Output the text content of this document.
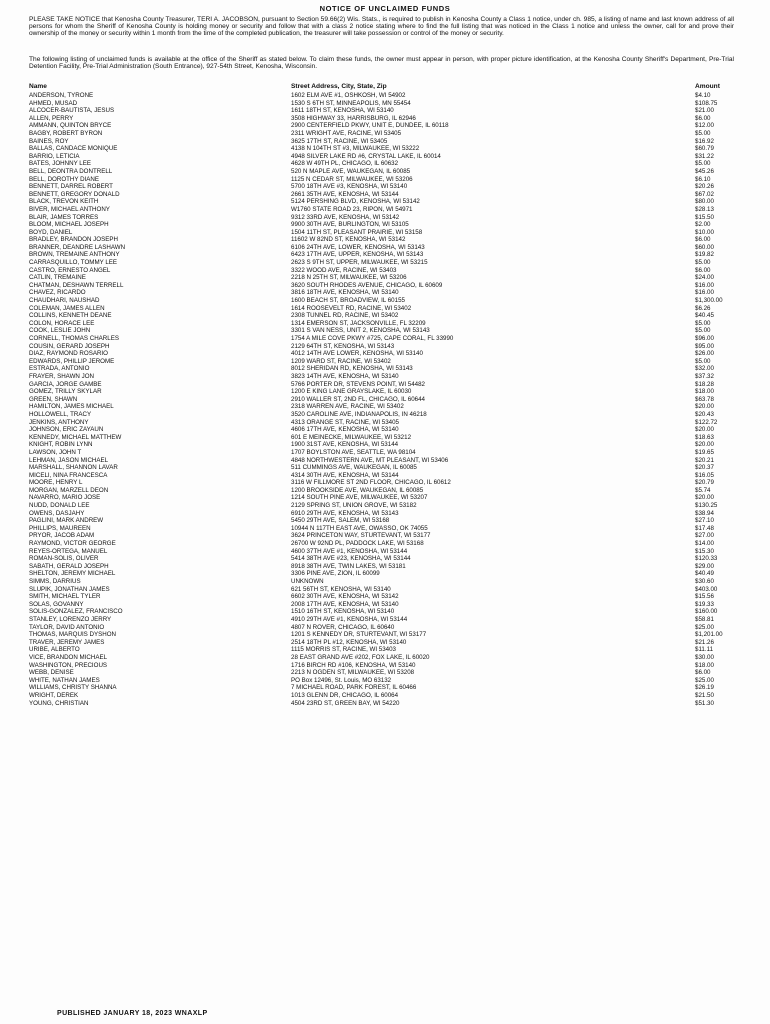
NOTICE OF UNCLAIMED FUNDS

PLEASE TAKE NOTICE that Kenosha County Treasurer, TERI A. JACOBSON, pursuant to Section 59.66(2) Wis. Stats., is required to publish in Kenosha County a Class 1 notice, under ch. 985, a listing of name and last known address of all persons for whom the Sheriff of Kenosha County is holding money or security and follow that with a class 2 notice stating where to find the full listing that was noticed in the Class 1 notice and unless the owner, call for and prove their ownership of the money or security within 1 month from the time of the completed publication, the treasurer will take possession or control of the money or security.

The following listing of unclaimed funds is available at the office of the Sheriff as stated below. To claim these funds, the owner must appear in person, with proper picture identification, at the Kenosha County Sheriff's Department, Pre-Trial Detention Facility, Pre-Trial Administration (South Entrance), 927-54th Street, Kenosha, Wisconsin.

Name	Street Address, City, State, Zip	Amount
ANDERSON, TYRONE	1602 ELM AVE #1, OSHKOSH, WI 54902	$4.10
AHMED, MUSAD	1530 S 6TH ST, MINNEAPOLIS, MN 55454	$108.75
ALCOCER-BAUTISTA, JESUS	1611 18TH ST, KENOSHA, WI 53140	$21.00
ALLEN, PERRY	3508 HIGHWAY 33, HARRISBURG, IL 62946	$6.00
AMMANN, QUINTON BRYCE	2900 CENTERFIELD PKWY, UNIT E, DUNDEE, IL 60118	$12.00
BAGBY, ROBERT BYRON	2311 WRIGHT AVE, RACINE, WI 53405	$5.00
BAINES, ROY	3625 17TH ST, RACINE, WI 53405	$16.92
BALLAS, CANDACE MONIQUE	4138 N 104TH ST #3, MILWAUKEE, WI 53222	$60.79
BARRIO, LETICIA	4948 SILVER LAKE RD #6, CRYSTAL LAKE, IL 60014	$31.22
BATES, JOHNNY LEE	4628 W 49TH PL, CHICAGO, IL 60632	$5.00
BELL, DEONTRA DONTRELL	520 N MAPLE AVE, WAUKEGAN, IL 60085	$45.26
BELL, DOROTHY DIANE	1125 N CEDAR ST, MILWAUKEE, WI 53206	$6.10
BENNETT, DARREL ROBERT	5700 18TH AVE #3, KENOSHA, WI 53140	$20.26
BENNETT, GREGORY DONALD	2661 35TH AVE, KENOSHA, WI 53144	$67.02
BLACK, TREVON KEITH	5124 PERSHING BLVD, KENOSHA, WI 53142	$80.00
BIVER, MICHAEL ANTHONY	W1760 STATE ROAD 23, RIPON, WI 54971	$28.13
BLAIR, JAMES TORRES	9312 33RD AVE, KENOSHA, WI 53142	$15.50
BLOOM, MICHAEL JOSEPH	9900 30TH AVE, BURLINGTON, WI 53105	$2.00
BOYD, DANIEL	1504 11TH ST, PLEASANT PRAIRIE, WI 53158	$10.00
BRADLEY, BRANDON JOSEPH	11602 W 82ND ST, KENOSHA, WI 53142	$6.00
BRANNER, DEANDRE LASHAWN	6106 24TH AVE, LOWER, KENOSHA, WI 53143	$60.00
BROWN, TREMAINE ANTHONY	6423 17TH AVE, UPPER, KENOSHA, WI 53143	$19.82
CARRASQUILLO, TOMMY LEE	2623 S 9TH ST, UPPER, MILWAUKEE, WI 53215	$5.00
CASTRO, ERNESTO ANGEL	3322 WOOD AVE, RACINE, WI 53403	$6.00
CATLIN, TREMAINE	2218 N 25TH ST, MILWAUKEE, WI 53206	$24.00
CHATMAN, DESHAWN TERRELL	3620 SOUTH RHODES AVENUE, CHICAGO, IL 60609	$16.00
CHAVEZ, RICARDO	3816 18TH AVE, KENOSHA, WI 53140	$16.00
CHAUDHARI, NAUSHAD	1600 BEACH ST, BROADVIEW, IL 60155	$1,300.00
COLEMAN, JAMES ALLEN	1614 ROOSEVELT RD, RACINE, WI 53402	$6.26
COLLINS, KENNETH DEANE	2308 TUNNEL RD, RACINE, WI 53402	$40.45
COLON, HORACE LEE	1314 EMERSON ST, JACKSONVILLE, FL 32209	$5.00
COOK, LESLIE JOHN	3301 S VAN NESS, UNIT 2, KENOSHA, WI 53143	$5.00
CORNELL, THOMAS CHARLES	1754 A MILE COVE PKWY #725, CAPE CORAL, FL 33990	$96.00
COUSIN, GERARD JOSEPH	2129 64TH ST, KENOSHA, WI 53143	$95.00
DIAZ, RAYMOND ROSARIO	4012 14TH AVE LOWER, KENOSHA, WI 53140	$26.00
EDWARDS, PHILLIP JEROME	1209 WARD ST, RACINE, WI 53402	$5.00
ESTRADA, ANTONIO	8012 SHERIDAN RD, KENOSHA, WI 53143	$32.00
FRAYER, SHAWN JON	3823 14TH AVE, KENOSHA, WI 53140	$37.32
GARCIA, JORGE GAMBE	5766 PORTER DR, STEVENS POINT, WI 54482	$18.28
GOMEZ, TRILLY SKYLAR	1200 E KING LANE GRAYSLAKE, IL 60030	$18.00
GREEN, SHAWN	2910 WALLER ST, 2ND FL, CHICAGO, IL 60644	$63.78
HAMILTON, JAMES MICHAEL	2318 WARREN AVE, RACINE, WI 53402	$20.00
HOLLOWELL, TRACY	3520 CAROLINE AVE, INDIANAPOLIS, IN 46218	$20.43
JENKINS, ANTHONY	4313 ORANGE ST, RACINE, WI 53405	$122.72
JOHNSON, ERIC ZAYAUN	4606 17TH AVE, KENOSHA, WI 53140	$20.00
KENNEDY, MICHAEL MATTHEW	601 E MEINECKE, MILWAUKEE, WI 53212	$18.63
KNIGHT, ROBIN LYNN	1900 31ST AVE, KENOSHA, WI 53144	$20.00
LAWSON, JOHN T	1707 BOYLSTON AVE, SEATTLE, WA 98104	$19.65
LEHMAN, JASON MICHAEL	4848 NORTHWESTERN AVE, MT PLEASANT, WI 53406	$20.21
MARSHALL, SHANNON LAVAR	511 CUMMINGS AVE, WAUKEGAN, IL 60085	$20.37
MICELI, NINA FRANCESCA	4314 30TH AVE, KENOSHA, WI 53144	$16.05
MOORE, HENRY L	3116 W FILLMORE ST 2ND FLOOR, CHICAGO, IL 60612	$20.79
MORGAN, MARZELL DEON	1200 BROOKSIDE AVE, WAUKEGAN, IL 60085	$5.74
NAVARRO, MARIO JOSE	1214 SOUTH PINE AVE, MILWAUKEE, WI 53207	$20.00
NUDD, DONALD LEE	2129 SPRING ST, UNION GROVE, WI 53182	$130.25
OWENS, DASJAHY	6910 29TH AVE, KENOSHA, WI 53143	$38.94
PAGLINI, MARK ANDREW	5450 29TH AVE, SALEM, WI 53168	$27.10
PHILLIPS, MAUREEN	10944 N 117TH EAST AVE, OWASSO, OK 74055	$17.48
PRYOR, JACOB ADAM	3624 PRINCETON WAY, STURTEVANT, WI 53177	$27.00
RAYMOND, VICTOR GEORGE	26700 W 92ND PL, PADDOCK LAKE, WI 53168	$14.00
REYES-ORTEGA, MANUEL	4600 37TH AVE #1, KENOSHA, WI 53144	$15.30
ROMAN-SOLIS, OLIVER	5414 38TH AVE #23, KENOSHA, WI 53144	$120.33
SABATH, GERALD JOSEPH	8918 38TH AVE, TWIN LAKES, WI 53181	$29.00
SHELTON, JEREMY MICHAEL	3306 PINE AVE, ZION, IL 60099	$40.49
SIMMS, DARRIUS	UNKNOWN	$30.60
SLUPIK, JONATHAN JAMES	621 56TH ST, KENOSHA, WI 53140	$403.00
SMITH, MICHAEL TYLER	6602 30TH AVE, KENOSHA, WI 53142	$15.56
SOLAS, GOVANNY	2008 17TH AVE, KENOSHA, WI 53140	$19.33
SOLIS-GONZALEZ, FRANCISCO	1510 16TH ST, KENOSHA, WI 53140	$160.00
STANLEY, LORENZO JERRY	4910 29TH AVE #1, KENOSHA, WI 53144	$58.81
TAYLOR, DAVID ANTONIO	4807 N ROVER, CHICAGO, IL 60640	$25.00
THOMAS, MARQUIS DYSHON	1201 S KENNEDY DR, STURTEVANT, WI 53177	$1,201.00
TRAVER, JEREMY JAMES	2514 18TH PL #12, KENOSHA, WI 53140	$21.26
URIBE, ALBERTO	1115 MORRIS ST, RACINE, WI 53403	$11.11
VICE, BRANDON MICHAEL	28 EAST GRAND AVE #202, FOX LAKE, IL 60020	$30.00
WASHINGTON, PRECIOUS	1716 BIRCH RD #106, KENOSHA, WI 53140	$18.00
WEBB, DENISE	2213 N OGDEN ST, MILWAUKEE, WI 53208	$6.00
WHITE, NATHAN JAMES	PO Box 12496, St. Louis, MO 63132	$25.00
WILLIAMS, CHRISTY SHANNA	7 MICHAEL ROAD, PARK FOREST, IL 60466	$26.19
WRIGHT, DEREK	1013 GLENN DR, CHICAGO, IL 60064	$21.50
YOUNG, CHRISTIAN	4504 23RD ST, GREEN BAY, WI 54220	$51.30
PUBLISHED JANUARY 18, 2023 WNAXLP
